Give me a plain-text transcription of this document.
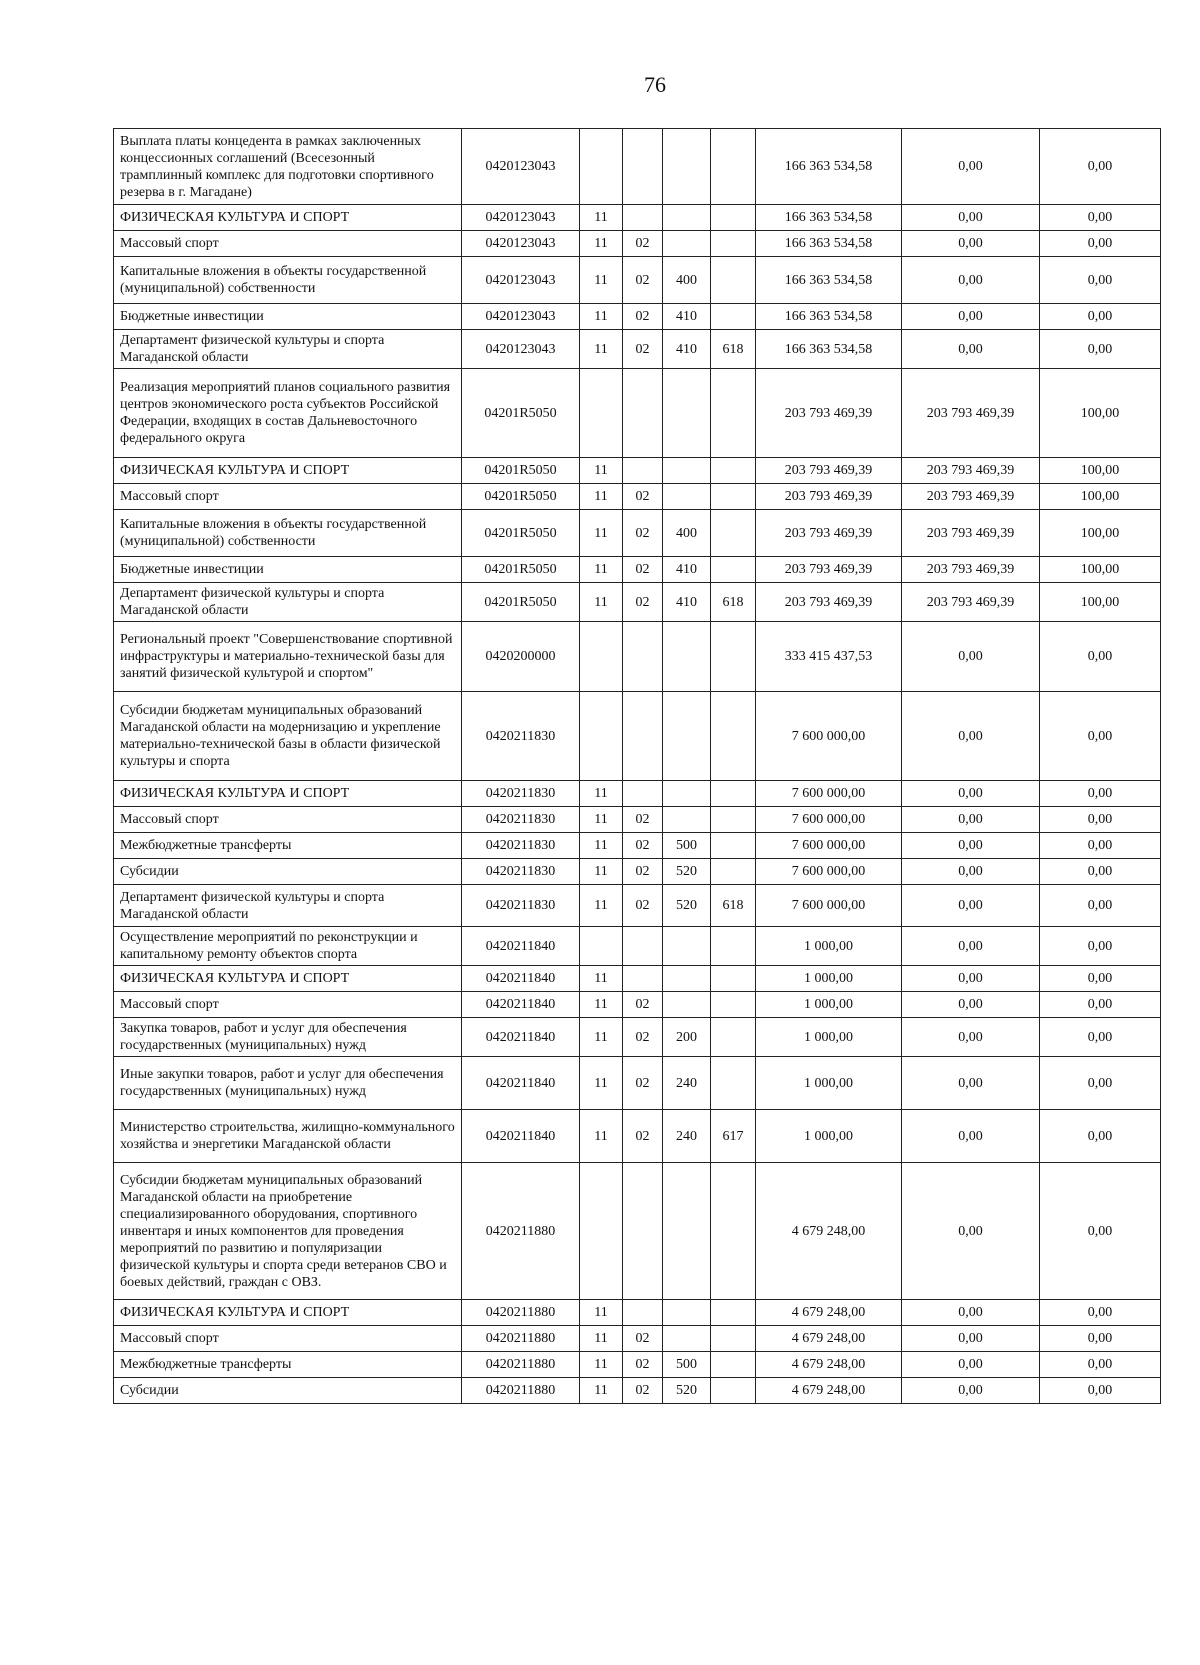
76
Выплата платы концедента в рамках заключенных концессионных соглашений (Всесезонный трамплинный комплекс для подготовки спортивного резерва в г. Магадане)	0420123043					166 363 534,58	0,00	0,00
ФИЗИЧЕСКАЯ КУЛЬТУРА И СПОРТ	0420123043	11				166 363 534,58	0,00	0,00
Массовый спорт	0420123043	11	02			166 363 534,58	0,00	0,00
Капитальные вложения в объекты государственной (муниципальной) собственности	0420123043	11	02	400		166 363 534,58	0,00	0,00
Бюджетные инвестиции	0420123043	11	02	410		166 363 534,58	0,00	0,00
Департамент физической культуры и спорта Магаданской области	0420123043	11	02	410	618	166 363 534,58	0,00	0,00
Реализация мероприятий планов социального развития центров экономического роста субъектов Российской Федерации, входящих в состав Дальневосточного федерального округа	04201R5050					203 793 469,39	203 793 469,39	100,00
ФИЗИЧЕСКАЯ КУЛЬТУРА И СПОРТ	04201R5050	11				203 793 469,39	203 793 469,39	100,00
Массовый спорт	04201R5050	11	02			203 793 469,39	203 793 469,39	100,00
Капитальные вложения в объекты государственной (муниципальной) собственности	04201R5050	11	02	400		203 793 469,39	203 793 469,39	100,00
Бюджетные инвестиции	04201R5050	11	02	410		203 793 469,39	203 793 469,39	100,00
Департамент физической культуры и спорта Магаданской области	04201R5050	11	02	410	618	203 793 469,39	203 793 469,39	100,00
Региональный проект "Совершенствование спортивной инфраструктуры и материально-технической базы для занятий физической культурой и спортом"	0420200000					333 415 437,53	0,00	0,00
Субсидии бюджетам муниципальных образований Магаданской области на модернизацию и укрепление материально-технической базы в области физической культуры и спорта	0420211830					7 600 000,00	0,00	0,00
ФИЗИЧЕСКАЯ КУЛЬТУРА И СПОРТ	0420211830	11				7 600 000,00	0,00	0,00
Массовый спорт	0420211830	11	02			7 600 000,00	0,00	0,00
Межбюджетные трансферты	0420211830	11	02	500		7 600 000,00	0,00	0,00
Субсидии	0420211830	11	02	520		7 600 000,00	0,00	0,00
Департамент физической культуры и спорта Магаданской области	0420211830	11	02	520	618	7 600 000,00	0,00	0,00
Осуществление мероприятий по реконструкции и капитальному ремонту объектов спорта	0420211840					1 000,00	0,00	0,00
ФИЗИЧЕСКАЯ КУЛЬТУРА И СПОРТ	0420211840	11				1 000,00	0,00	0,00
Массовый спорт	0420211840	11	02			1 000,00	0,00	0,00
Закупка товаров, работ и услуг для обеспечения государственных (муниципальных) нужд	0420211840	11	02	200		1 000,00	0,00	0,00
Иные закупки товаров, работ и услуг для обеспечения государственных (муниципальных) нужд	0420211840	11	02	240		1 000,00	0,00	0,00
Министерство строительства, жилищно-коммунального хозяйства и энергетики Магаданской области	0420211840	11	02	240	617	1 000,00	0,00	0,00
Субсидии бюджетам муниципальных образований Магаданской области на приобретение специализированного оборудования, спортивного инвентаря и иных компонентов для проведения мероприятий по развитию и популяризации физической культуры и спорта среди ветеранов СВО и боевых действий, граждан с ОВЗ.	0420211880					4 679 248,00	0,00	0,00
ФИЗИЧЕСКАЯ КУЛЬТУРА И СПОРТ	0420211880	11				4 679 248,00	0,00	0,00
Массовый спорт	0420211880	11	02			4 679 248,00	0,00	0,00
Межбюджетные трансферты	0420211880	11	02	500		4 679 248,00	0,00	0,00
Субсидии	0420211880	11	02	520		4 679 248,00	0,00	0,00
